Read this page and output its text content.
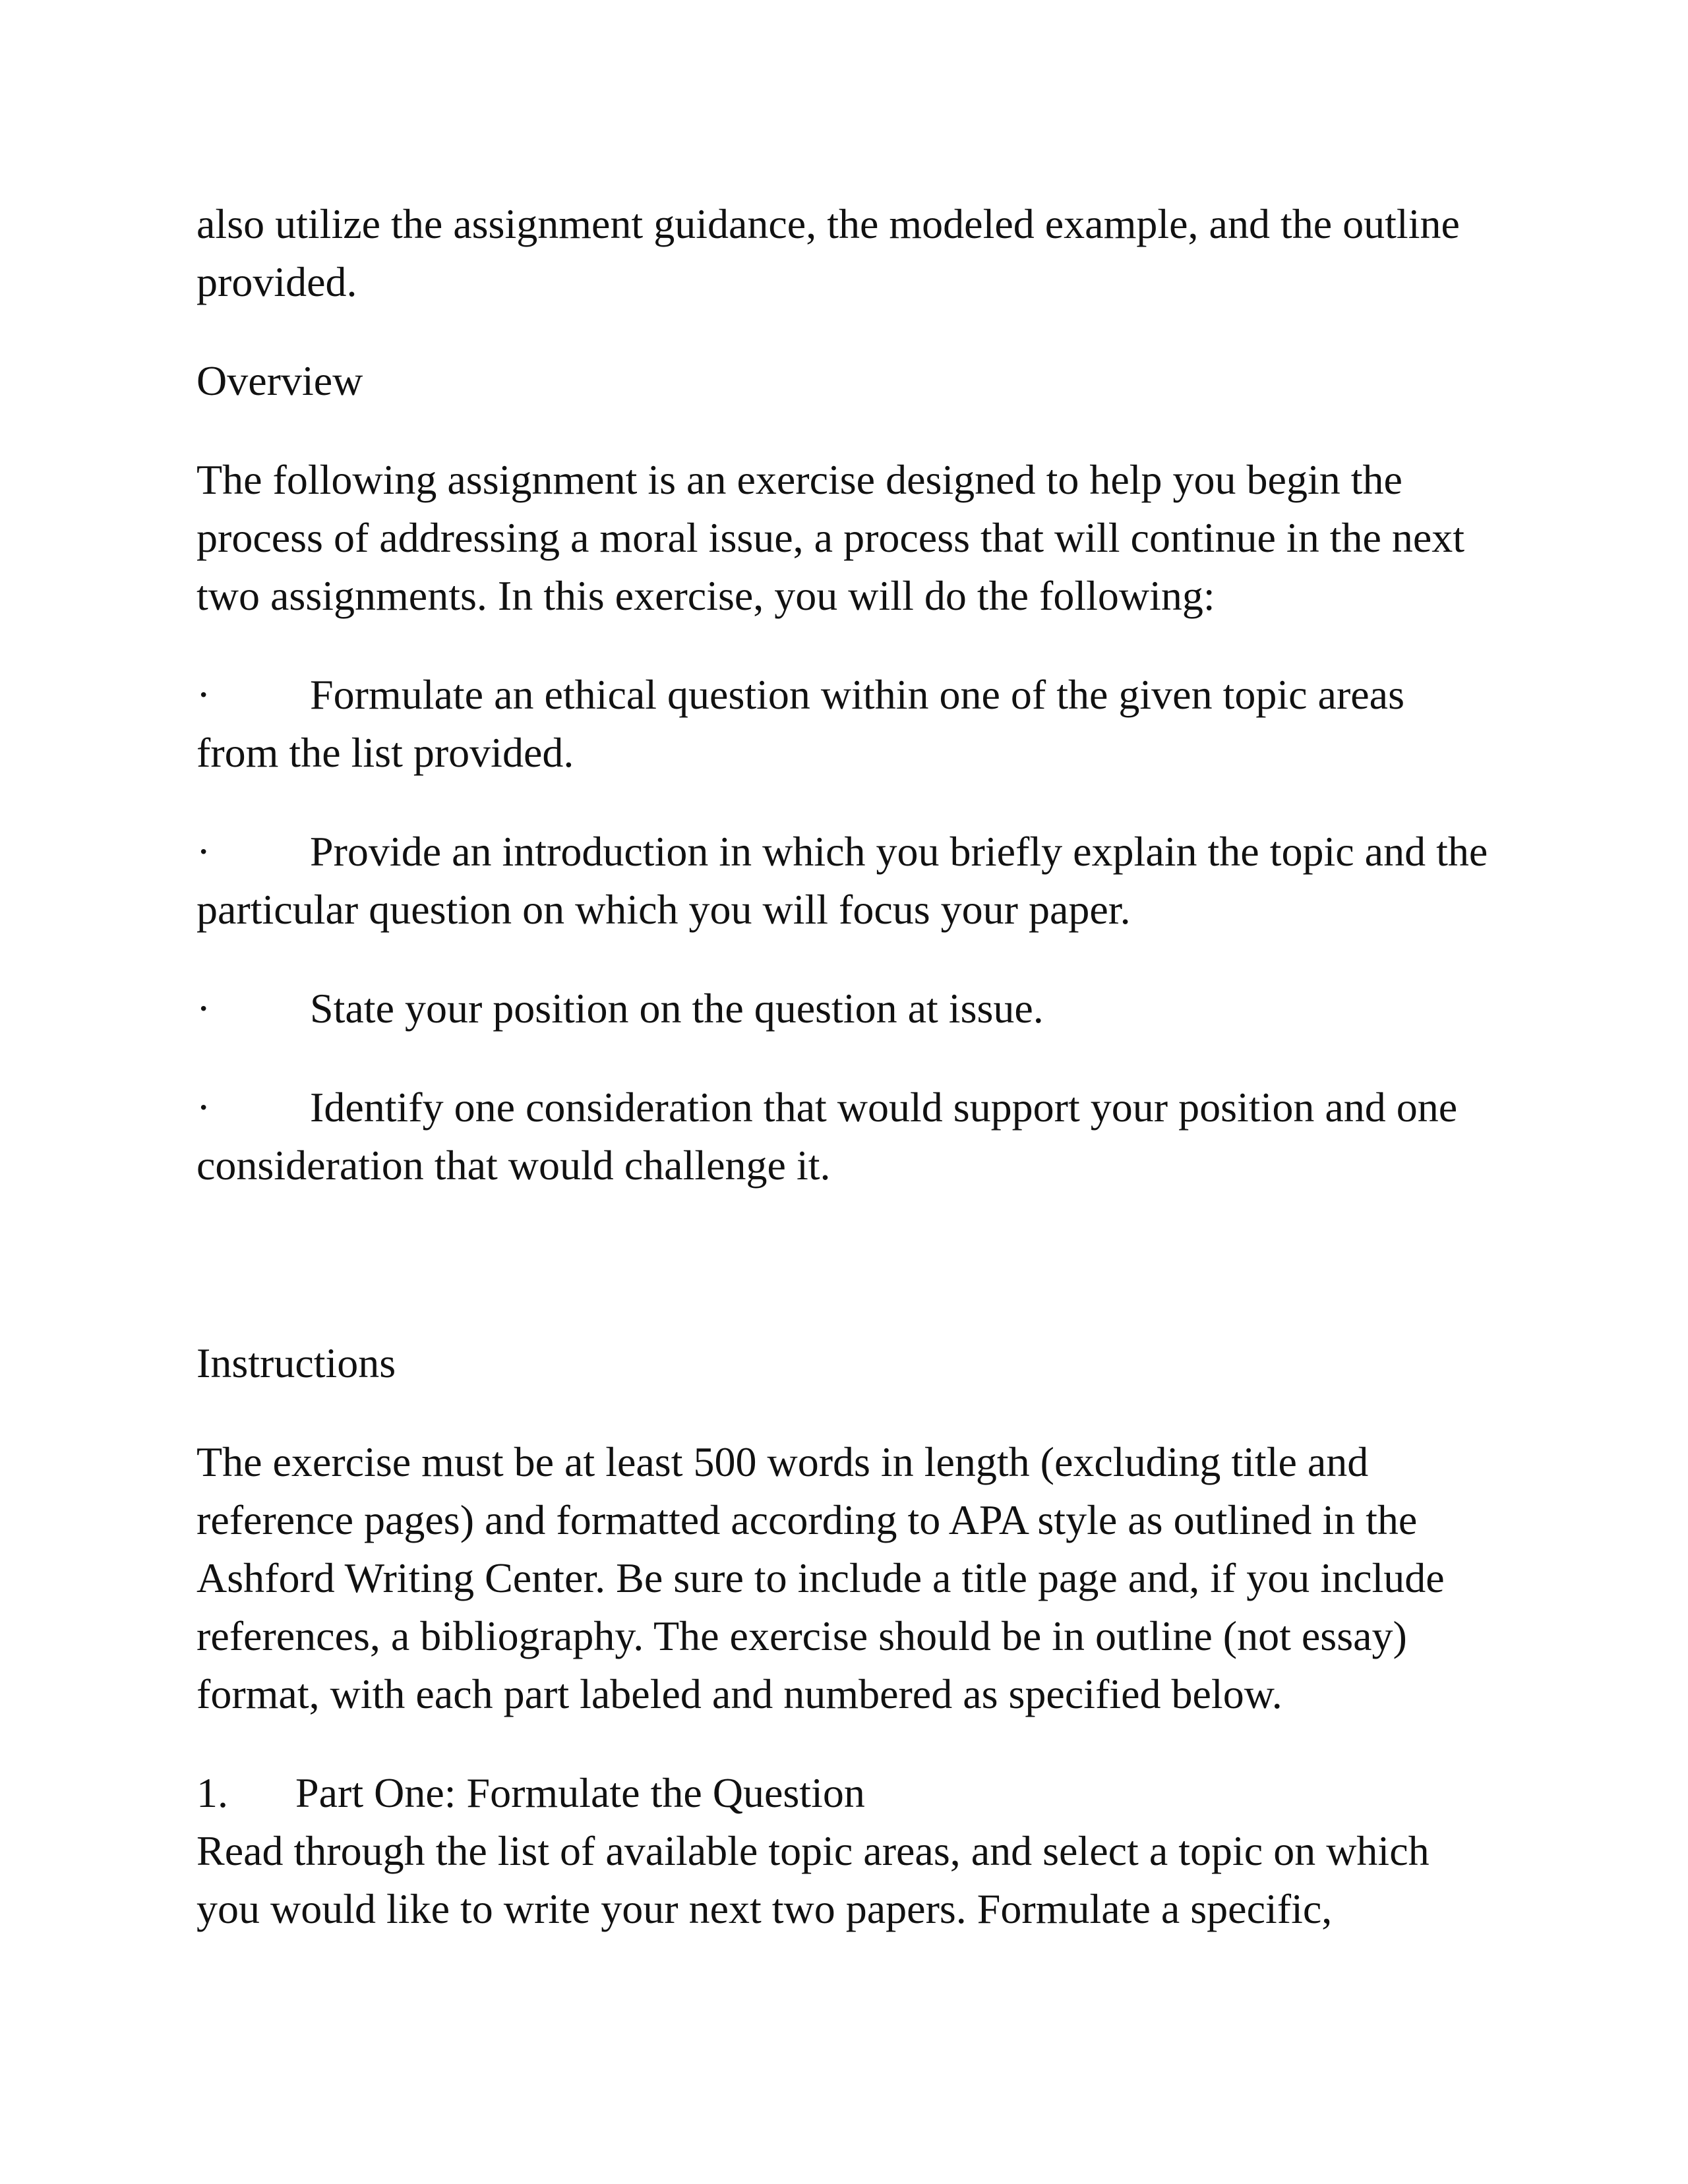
also utilize the assignment guidance, the modeled example, and the outline provided.

Overview

The following assignment is an exercise designed to help you begin the process of addressing a moral issue, a process that will continue in the next two assignments. In this exercise, you will do the following:

· Formulate an ethical question within one of the given topic areas from the list provided.

· Provide an introduction in which you briefly explain the topic and the particular question on which you will focus your paper.

· State your position on the question at issue.

· Identify one consideration that would support your position and one consideration that would challenge it.

Instructions

The exercise must be at least 500 words in length (excluding title and reference pages) and formatted according to APA style as outlined in the Ashford Writing Center. Be sure to include a title page and, if you include references, a bibliography. The exercise should be in outline (not essay) format, with each part labeled and numbered as specified below.

1. Part One: Formulate the Question

Read through the list of available topic areas, and select a topic on which you would like to write your next two papers. Formulate a specific,
